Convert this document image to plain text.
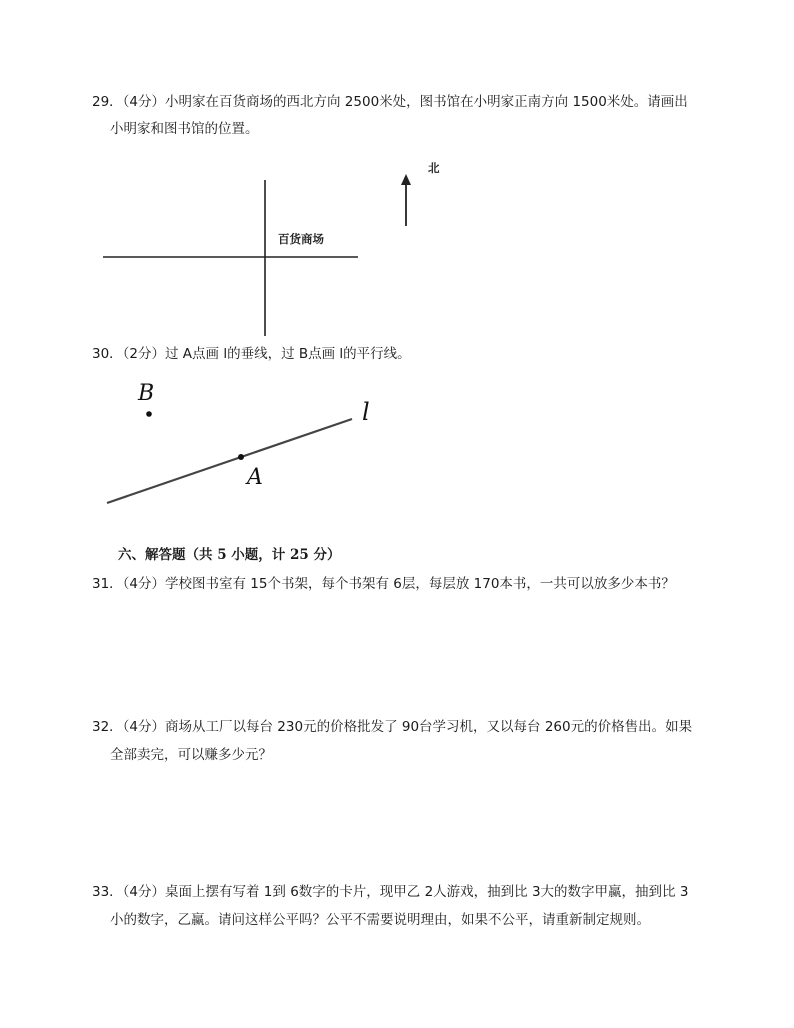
29．（4分）小明家在百货商场的西北方向 2500米处，图书馆在小明家正南方向 1500米处。请画出
小明家和图书馆的位置。
百货商场
北
B
A
l
30．（2分）过 A点画 l的垂线，过 B点画 l的平行线。
六、解答题（共 5 小题，计 25 分）
31．（4分）学校图书室有 15个书架，每个书架有 6层，每层放 170本书，一共可以放多少本书？
32．（4分）商场从工厂以每台 230元的价格批发了 90台学习机，又以每台 260元的价格售出。如果
全部卖完，可以赚多少元？
33．（4分）桌面上摆有写着 1到 6数字的卡片，现甲乙 2人游戏，抽到比 3大的数字甲赢，抽到比 3
小的数字，乙赢。请问这样公平吗？公平不需要说明理由，如果不公平，请重新制定规则。
